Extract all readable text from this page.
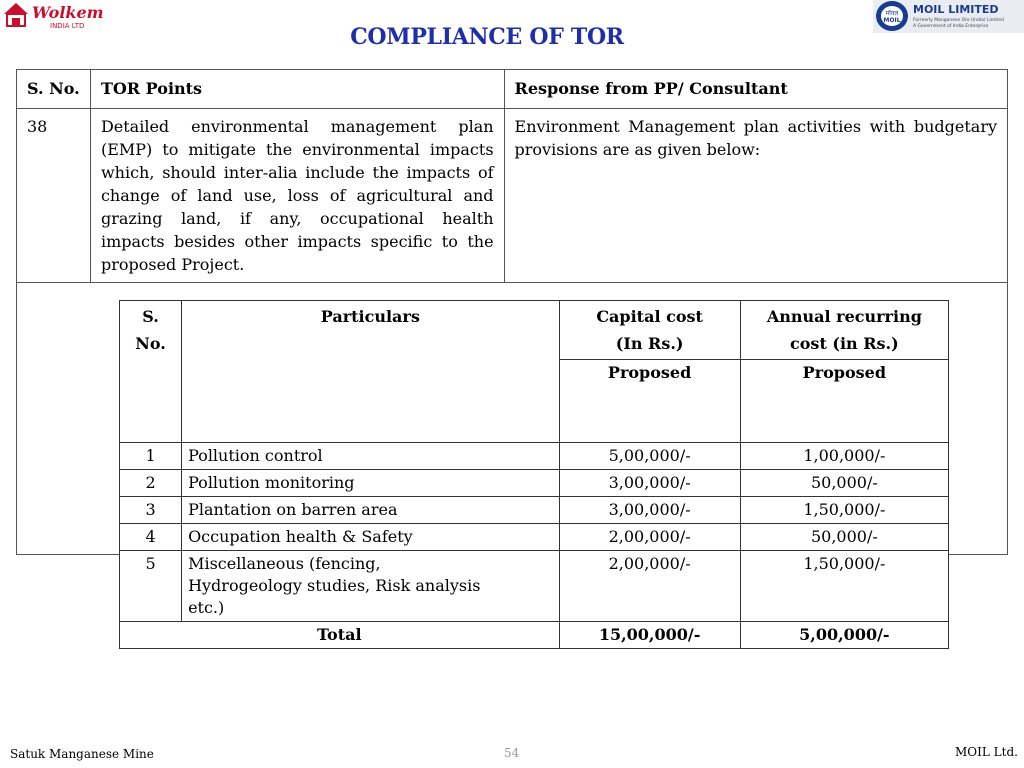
Wolkem
INDIA LTD
मॉयल
MOIL
MOIL LIMITED
Formerly Manganese Ore (India) Limited
A Government of India Enterprise
COMPLIANCE OF TOR
S. No.	TOR Points	Response from PP/ Consultant
38	Detailed environmental management plan (EMP) to mitigate the environmental impacts which, should inter-alia include the impacts of change of land use, loss of agricultural and grazing land, if any, occupational health impacts besides other impacts specific to the proposed Project.	Environment Management plan activities with budgetary provisions are as given below:

S. No.	Particulars	Capital cost (In Rs.)	Annual recurring cost (in Rs.)
		Proposed	Proposed
1	Pollution control	5,00,000/-	1,00,000/-
2	Pollution monitoring	3,00,000/-	50,000/-
3	Plantation on barren area	3,00,000/-	1,50,000/-
4	Occupation health & Safety	2,00,000/-	50,000/-
5	Miscellaneous (fencing, Hydrogeology studies, Risk analysis etc.)	2,00,000/-	1,50,000/-
Total		15,00,000/-	5,00,000/-
Satuk Manganese Mine	54	MOIL Ltd.
